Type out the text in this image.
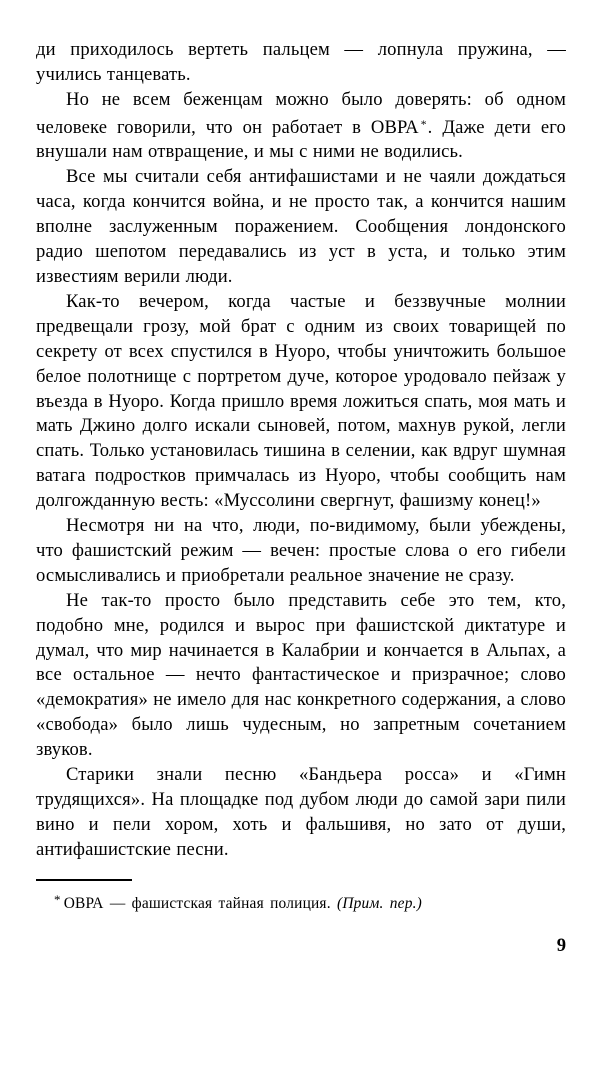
ди приходилось вертеть пальцем — лопнула пружина, — учились танцевать.

Но не всем беженцам можно было доверять: об одном человеке говорили, что он работает в ОВРА *. Даже дети его внушали нам отвращение, и мы с ними не водились.

Все мы считали себя антифашистами и не чаяли дождаться часа, когда кончится война, и не просто так, а кончится нашим вполне заслуженным поражением. Сообщения лондонского радио шепотом передавались из уст в уста, и только этим известиям верили люди.

Как-то вечером, когда частые и беззвучные молнии предвещали грозу, мой брат с одним из своих товарищей по секрету от всех спустился в Нуоро, чтобы уничтожить большое белое полотнище с портретом дуче, которое уродовало пейзаж у въезда в Нуоро. Когда пришло время ложиться спать, моя мать и мать Джино долго искали сыновей, потом, махнув рукой, легли спать. Только установилась тишина в селении, как вдруг шумная ватага подростков примчалась из Нуоро, чтобы сообщить нам долгожданную весть: «Муссолини свергнут, фашизму конец!»

Несмотря ни на что, люди, по-видимому, были убеждены, что фашистский режим — вечен: простые слова о его гибели осмысливались и приобретали реальное значение не сразу.

Не так-то просто было представить себе это тем, кто, подобно мне, родился и вырос при фашистской диктатуре и думал, что мир начинается в Калабрии и кончается в Альпах, а все остальное — нечто фантастическое и призрачное; слово «демократия» не имело для нас конкретного содержания, а слово «свобода» было лишь чудесным, но запретным сочетанием звуков.

Старики знали песню «Бандьера росса» и «Гимн трудящихся». На площадке под дубом люди до самой зари пили вино и пели хором, хоть и фальшивя, но зато от души, антифашистские песни.

* ОВРА — фашистская тайная полиция. (Прим. пер.)

9
